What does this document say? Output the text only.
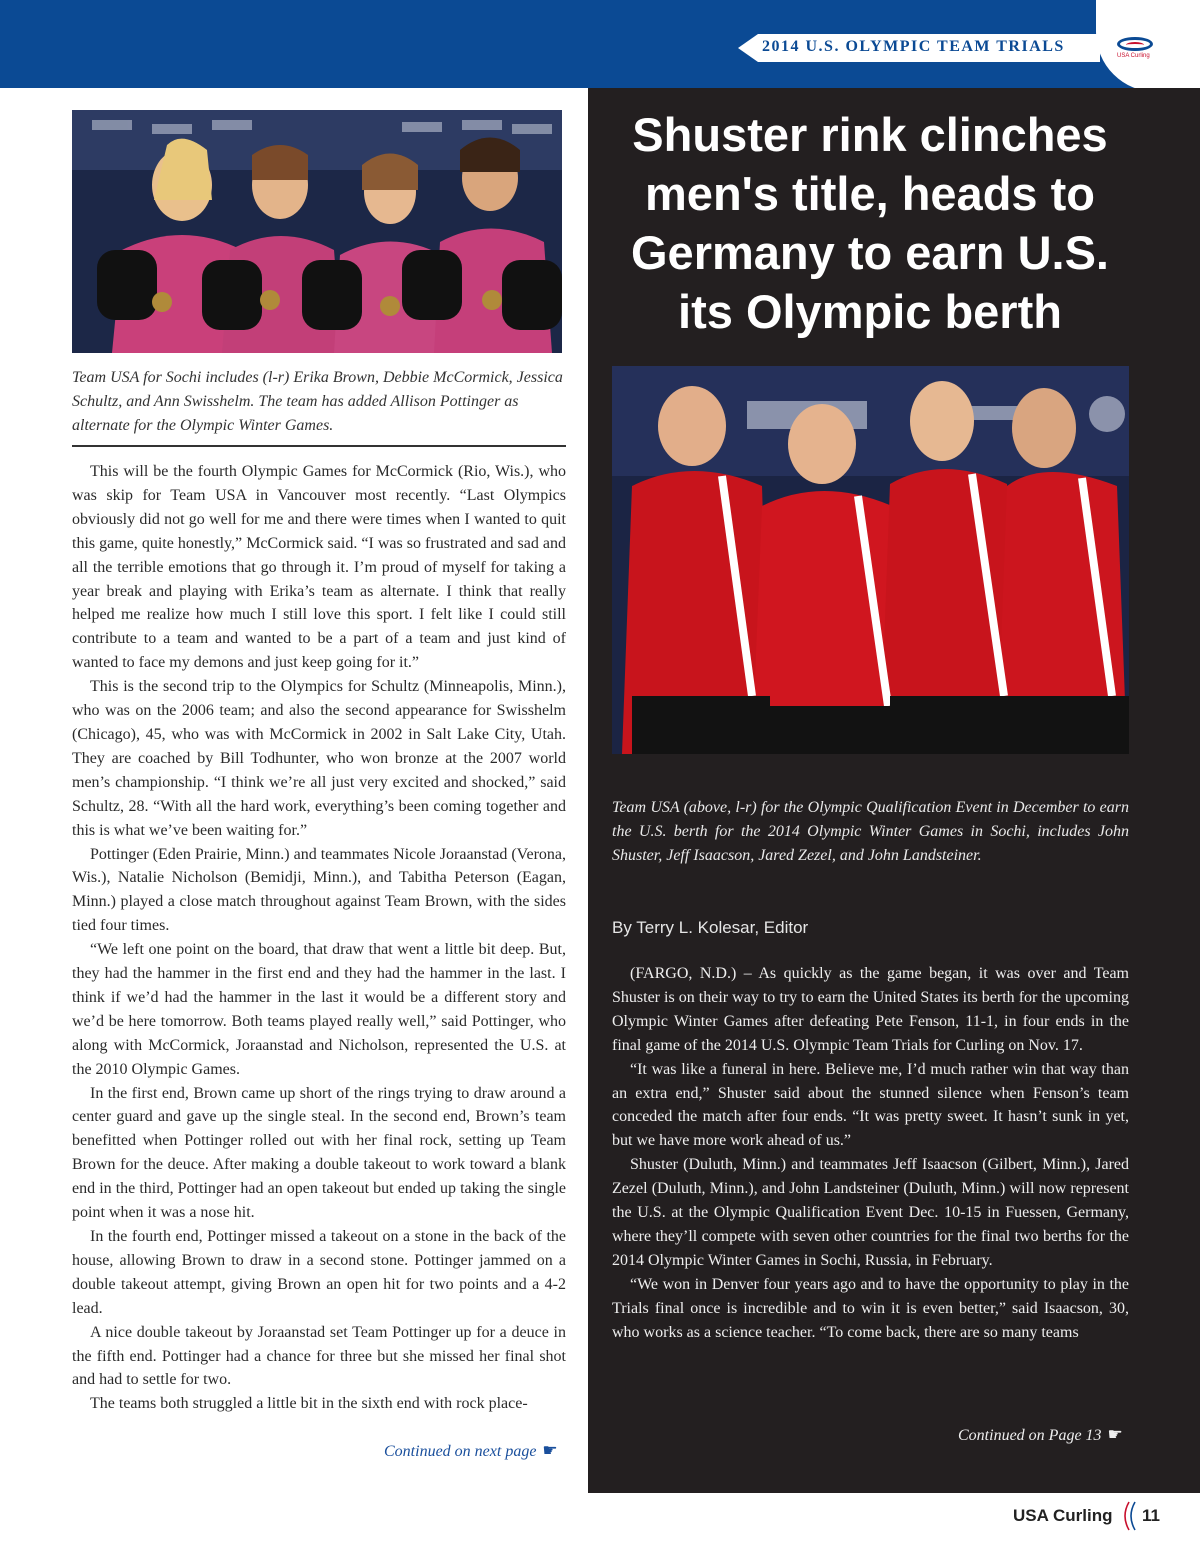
2014 U.S. OLYMPIC TEAM TRIALS
USA Curling
Team USA for Sochi includes (l-r) Erika Brown, Debbie McCormick, Jessica Schultz, and Ann Swisshelm. The team has added Allison Pottinger as alternate for the Olympic Winter Games.

This will be the fourth Olympic Games for McCormick (Rio, Wis.), who was skip for Team USA in Vancouver most recently. “Last Olympics obviously did not go well for me and there were times when I wanted to quit this game, quite honestly,” McCormick said. “I was so frustrated and sad and all the terrible emotions that go through it. I’m proud of myself for taking a year break and playing with Erika’s team as alternate. I think that really helped me realize how much I still love this sport. I felt like I could still contribute to a team and wanted to be a part of a team and just kind of wanted to face my demons and just keep going for it.”

This is the second trip to the Olympics for Schultz (Minneapolis, Minn.), who was on the 2006 team; and also the second appearance for Swisshelm (Chicago), 45, who was with McCormick in 2002 in Salt Lake City, Utah. They are coached by Bill Todhunter, who won bronze at the 2007 world men’s championship. “I think we’re all just very excited and shocked,” said Schultz, 28. “With all the hard work, everything’s been coming together and this is what we’ve been waiting for.”

Pottinger (Eden Prairie, Minn.) and teammates Nicole Joraanstad (Verona, Wis.), Natalie Nicholson (Bemidji, Minn.), and Tabitha Peterson (Eagan, Minn.) played a close match throughout against Team Brown, with the sides tied four times.

“We left one point on the board, that draw that went a little bit deep. But, they had the hammer in the first end and they had the hammer in the last. I think if we’d had the hammer in the last it would be a different story and we’d be here tomorrow. Both teams played really well,” said Pottinger, who along with McCormick, Joraanstad and Nicholson, represented the U.S. at the 2010 Olympic Games.

In the first end, Brown came up short of the rings trying to draw around a center guard and gave up the single steal. In the second end, Brown’s team benefitted when Pottinger rolled out with her final rock, setting up Team Brown for the deuce. After making a double takeout to work toward a blank end in the third, Pottinger had an open takeout but ended up taking the single point when it was a nose hit.

In the fourth end, Pottinger missed a takeout on a stone in the back of the house, allowing Brown to draw in a second stone. Pottinger jammed on a double takeout attempt, giving Brown an open hit for two points and a 4-2 lead.

A nice double takeout by Joraanstad set Team Pottinger up for a deuce in the fifth end. Pottinger had a chance for three but she missed her final shot and had to settle for two.

The teams both struggled a little bit in the sixth end with rock place-

Continued on next page ☛
Shuster rink clinches men's title, heads to Germany to earn U.S. its Olympic berth
Team USA (above, l-r) for the Olympic Qualification Event in December to earn the U.S. berth for the 2014 Olympic Winter Games in Sochi, includes John Shuster, Jeff Isaacson, Jared Zezel, and John Landsteiner.
By Terry L. Kolesar, Editor

(FARGO, N.D.) – As quickly as the game began, it was over and Team Shuster is on their way to try to earn the United States its berth for the upcoming Olympic Winter Games after defeating Pete Fenson, 11-1, in four ends in the final game of the 2014 U.S. Olympic Team Trials for Curling on Nov. 17.

“It was like a funeral in here. Believe me, I’d much rather win that way than an extra end,” Shuster said about the stunned silence when Fenson’s team conceded the match after four ends. “It was pretty sweet. It hasn’t sunk in yet, but we have more work ahead of us.”

Shuster (Duluth, Minn.) and teammates Jeff Isaacson (Gilbert, Minn.), Jared Zezel (Duluth, Minn.), and John Landsteiner (Duluth, Minn.) will now represent the U.S. at the Olympic Qualification Event Dec. 10-15 in Fuessen, Germany, where they’ll compete with seven other countries for the final two berths for the 2014 Olympic Winter Games in Sochi, Russia, in February.

“We won in Denver four years ago and to have the opportunity to play in the Trials final once is incredible and to win it is even better,” said Isaacson, 30, who works as a science teacher. “To come back, there are so many teams

Continued on Page 13 ☛
USA Curling 11
